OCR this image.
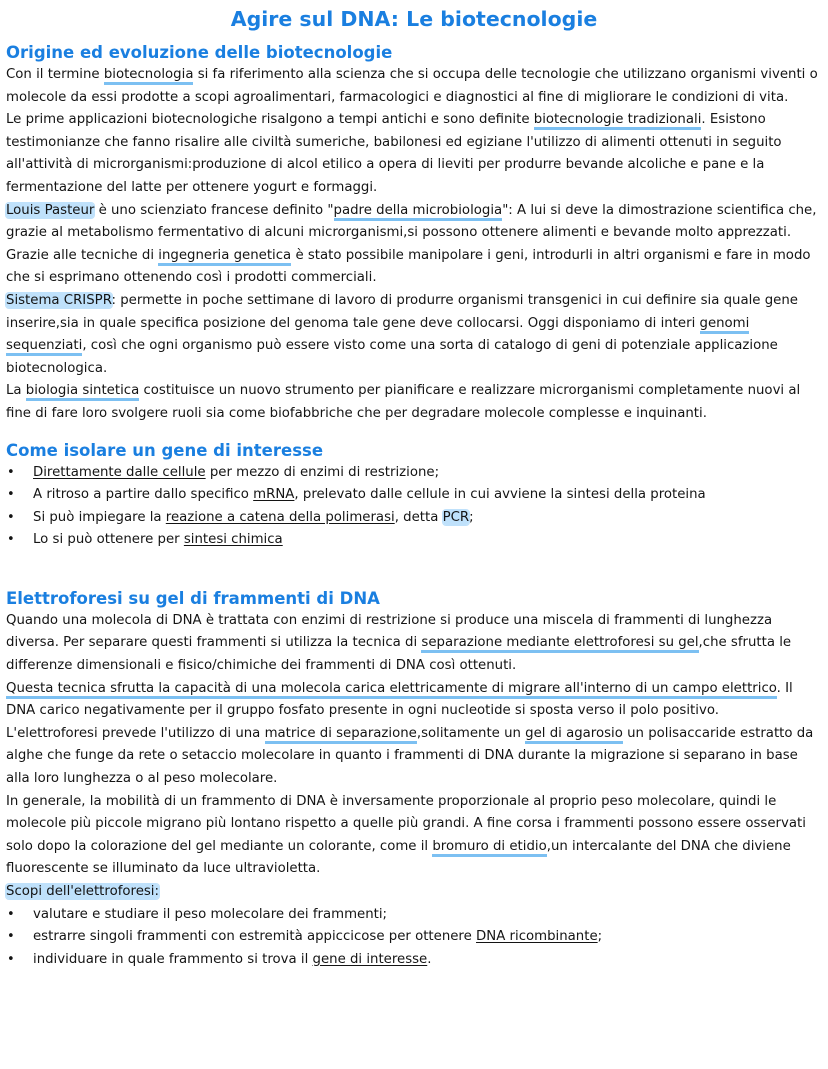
Agire sul DNA: Le biotecnologie
Origine ed evoluzione delle biotecnologie

Con il termine biotecnologia si fa riferimento alla scienza che si occupa delle tecnologie che utilizzano organismi viventi o molecole da essi prodotte a scopi agroalimentari, farmacologici e diagnostici al fine di migliorare le condizioni di vita.

Le prime applicazioni biotecnologiche risalgono a tempi antichi e sono definite biotecnologie tradizionali. Esistono testimonianze che fanno risalire alle civiltà sumeriche, babilonesi ed egiziane l'utilizzo di alimenti ottenuti in seguito all'attività di microrganismi:produzione di alcol etilico a opera di lieviti per produrre bevande alcoliche e pane e la fermentazione del latte per ottenere yogurt e formaggi.

Louis Pasteur è uno scienziato francese definito "padre della microbiologia": A lui si deve la dimostrazione scientifica che, grazie al metabolismo fermentativo di alcuni microrganismi,si possono ottenere alimenti e bevande molto apprezzati.

Grazie alle tecniche di ingegneria genetica è stato possibile manipolare i geni, introdurli in altri organismi e fare in modo che si esprimano ottenendo così i prodotti commerciali.

Sistema CRISPR: permette in poche settimane di lavoro di produrre organismi transgenici in cui definire sia quale gene inserire,sia in quale specifica posizione del genoma tale gene deve collocarsi. Oggi disponiamo di interi genomi sequenziati, così che ogni organismo può essere visto come una sorta di catalogo di geni di potenziale applicazione biotecnologica.

La biologia sintetica costituisce un nuovo strumento per pianificare e realizzare microrganismi completamente nuovi al fine di fare loro svolgere ruoli sia come biofabbriche che per degradare molecole complesse e inquinanti.

Come isolare un gene di interesse
• Direttamente dalle cellule per mezzo di enzimi di restrizione;
• A ritroso a partire dallo specifico mRNA, prelevato dalle cellule in cui avviene la sintesi della proteina
• Si può impiegare la reazione a catena della polimerasi, detta PCR;
• Lo si può ottenere per sintesi chimica
Elettroforesi su gel di frammenti di DNA

Quando una molecola di DNA è trattata con enzimi di restrizione si produce una miscela di frammenti di lunghezza diversa. Per separare questi frammenti si utilizza la tecnica di separazione mediante elettroforesi su gel,che sfrutta le differenze dimensionali e fisico/chimiche dei frammenti di DNA così ottenuti.

Questa tecnica sfrutta la capacità di una molecola carica elettricamente di migrare all'interno di un campo elettrico. Il DNA carico negativamente per il gruppo fosfato presente in ogni nucleotide si sposta verso il polo positivo.

L'elettroforesi prevede l'utilizzo di una matrice di separazione,solitamente un gel di agarosio un polisaccaride estratto da alghe che funge da rete o setaccio molecolare in quanto i frammenti di DNA durante la migrazione si separano in base alla loro lunghezza o al peso molecolare.

In generale, la mobilità di un frammento di DNA è inversamente proporzionale al proprio peso molecolare, quindi le molecole più piccole migrano più lontano rispetto a quelle più grandi. A fine corsa i frammenti possono essere osservati solo dopo la colorazione del gel mediante un colorante, come il bromuro di etidio,un intercalante del DNA che diviene fluorescente se illuminato da luce ultravioletta.

Scopi dell'elettroforesi:

• valutare e studiare il peso molecolare dei frammenti;
• estrarre singoli frammenti con estremità appiccicose per ottenere DNA ricombinante;
• individuare in quale frammento si trova il gene di interesse.
